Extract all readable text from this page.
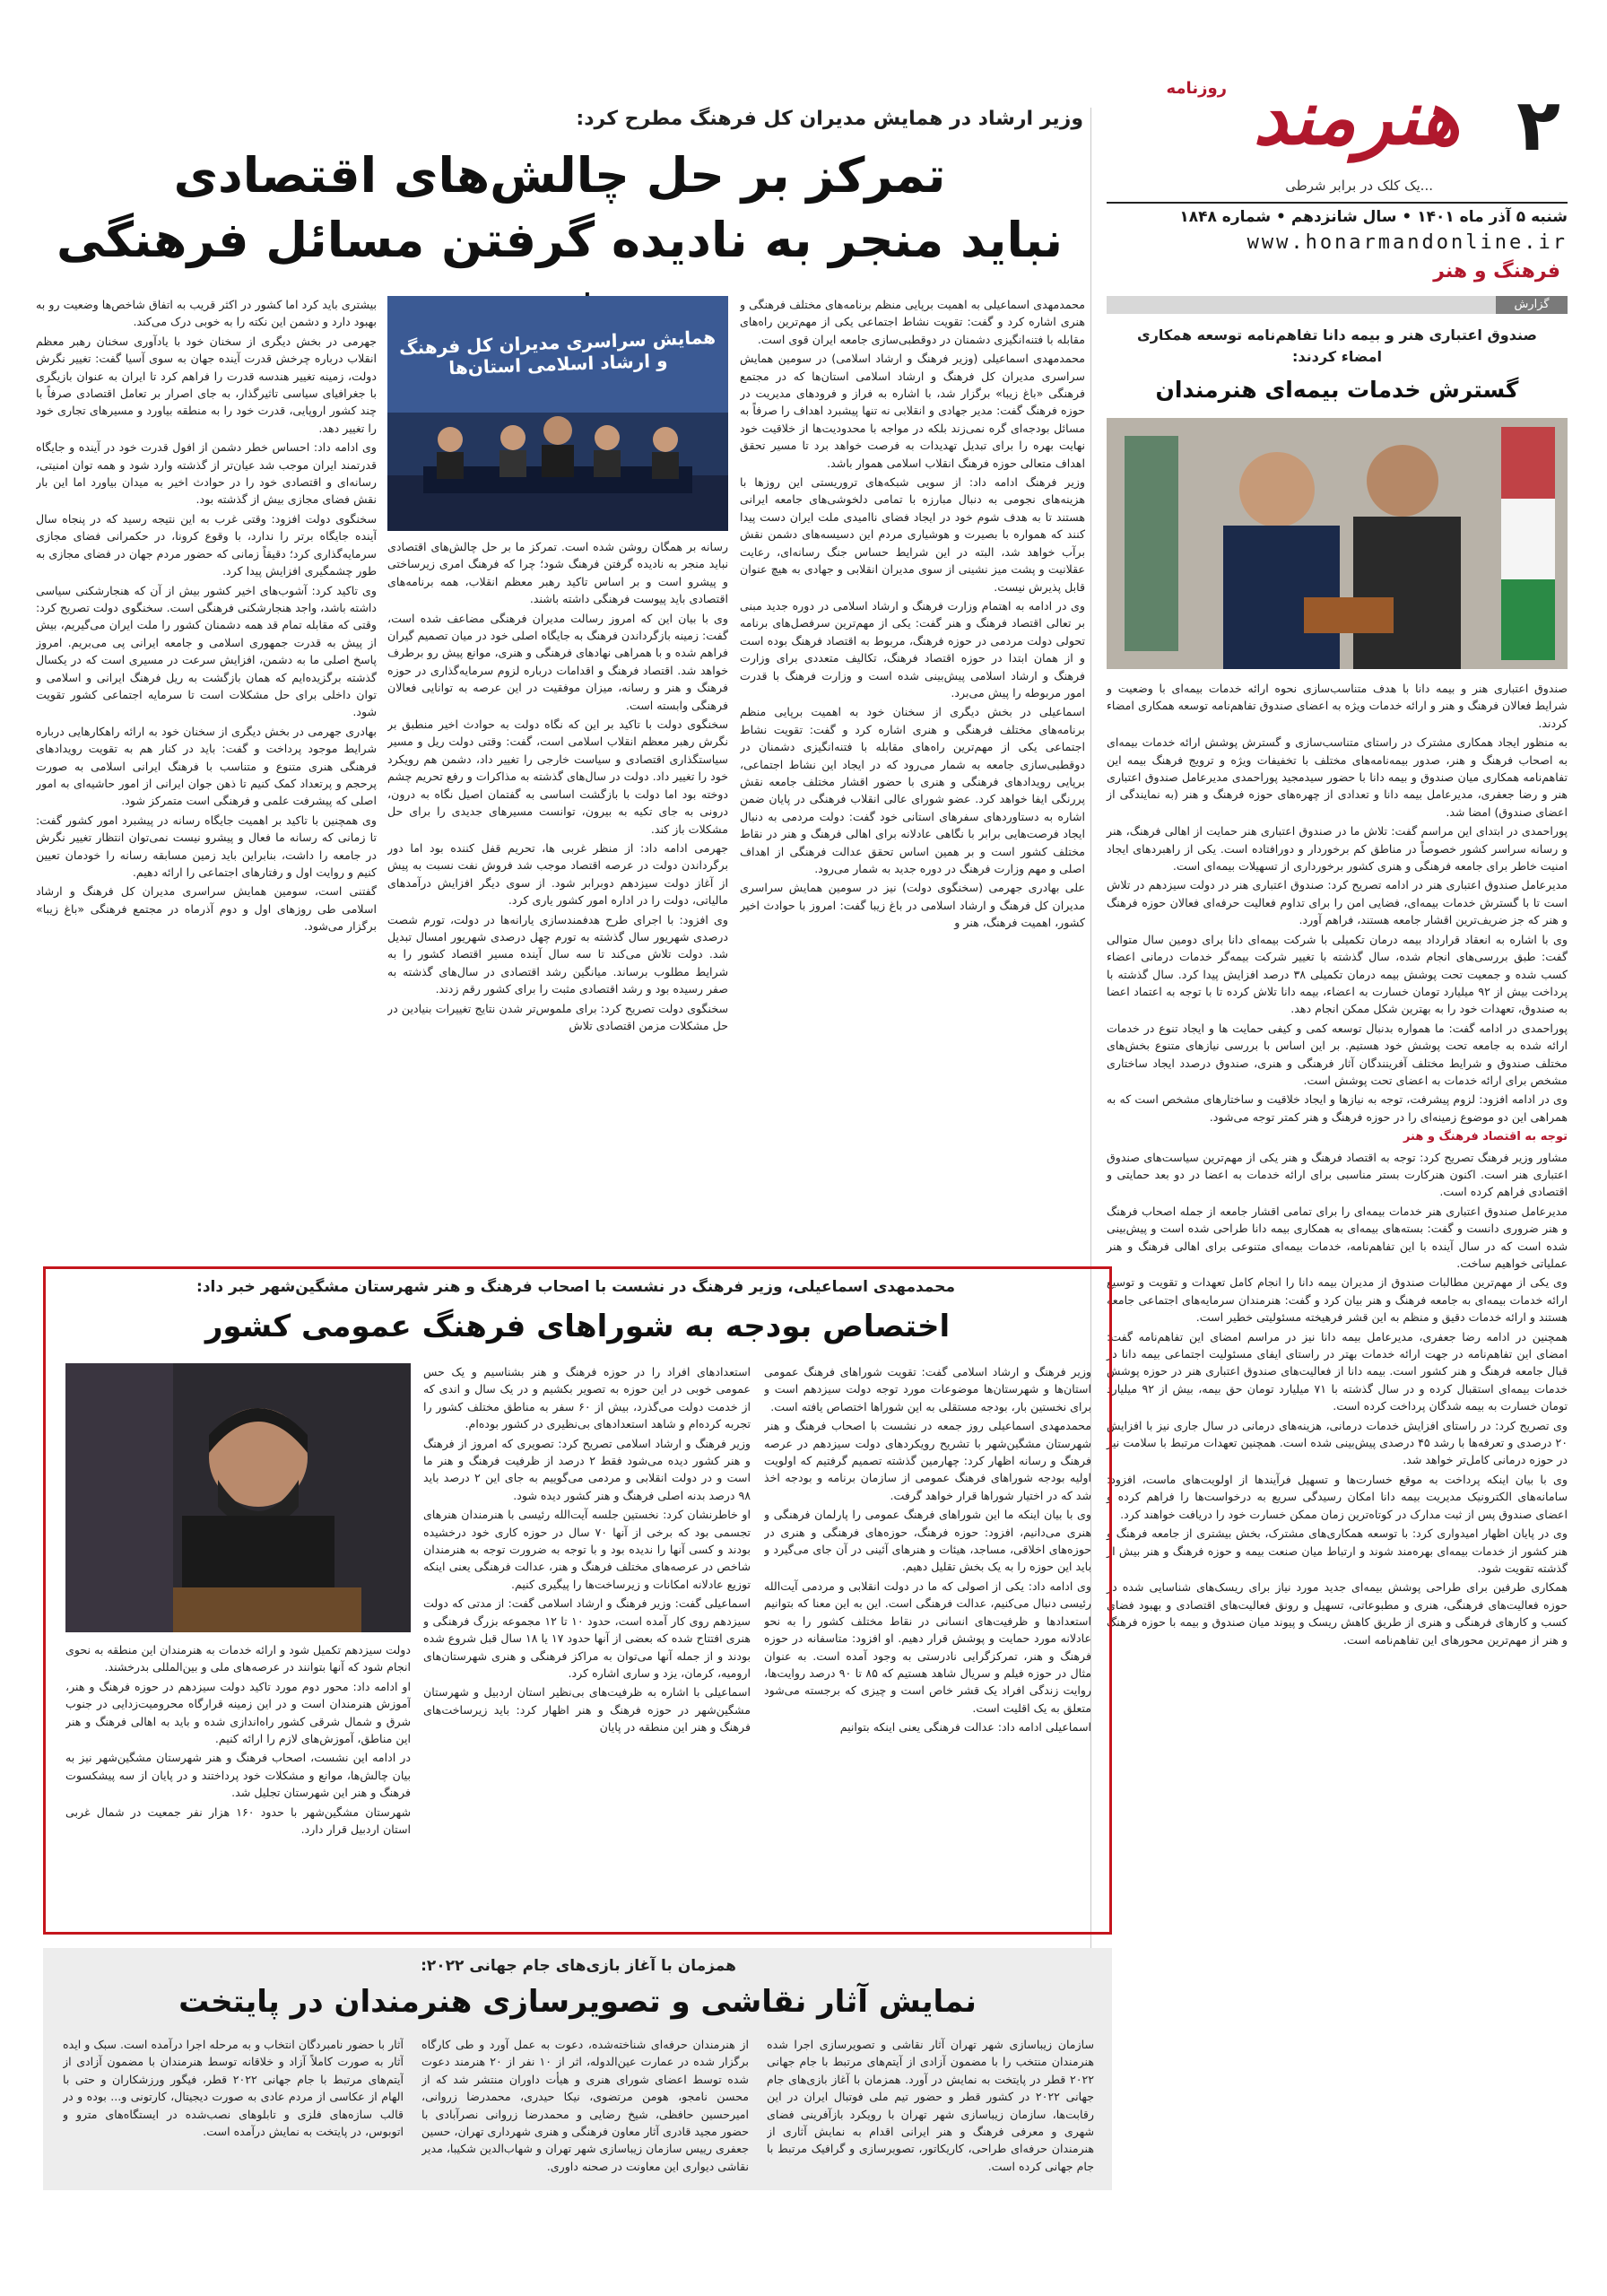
۲
روزنامه هنرمند
...یک کلک در برابر شرطی
شنبه ۵ آذر ماه ۱۴۰۱ • سال شانزدهم • شماره ۱۸۴۸
www.honarmandonline.ir
فرهنگ و هنر
گزارش
صندوق اعتباری هنر و بیمه دانا تفاهم‌نامه توسعه همکاری امضاء کردند:
گسترش خدمات بیمه‌ای هنرمندان

صندوق اعتباری هنر و بیمه دانا با هدف متناسب‌سازی نحوه ارائه خدمات بیمه‌ای با وضعیت و شرایط فعالان فرهنگ و هنر و ارائه خدمات ویژه به اعضای صندوق تفاهم‌نامه توسعه همکاری امضاء کردند.

به منظور ایجاد همکاری مشترک در راستای متناسب‌سازی و گسترش پوشش ارائه خدمات بیمه‌ای به اصحاب فرهنگ و هنر، صدور بیمه‌نامه‌های مختلف با تخفیفات ویژه و ترویج فرهنگ بیمه این تفاهم‌نامه همکاری میان صندوق و بیمه دانا با حضور سیدمجید پوراحمدی مدیرعامل صندوق اعتباری هنر و رضا جعفری، مدیرعامل بیمه دانا و تعدادی از چهره‌های حوزه فرهنگ و هنر (به نمایندگی از اعضای صندوق) امضا شد.

پوراحمدی در ابتدای این مراسم گفت: تلاش ما در صندوق اعتباری هنر حمایت از اهالی فرهنگ، هنر و رسانه سراسر کشور خصوصاً در مناطق کم برخوردار و دورافتاده است. یکی از راهبردهای ایجاد امنیت خاطر برای جامعه فرهنگی و هنری کشور برخورداری از تسهیلات بیمه‌ای است.

مدیرعامل صندوق اعتباری هنر در ادامه تصریح کرد: صندوق اعتباری هنر در دولت سیزدهم در تلاش است تا با گسترش خدمات بیمه‌ای، فضایی امن را برای تداوم فعالیت حرفه‌ای فعالان حوزه فرهنگ و هنر که جز ضریف‌ترین اقشار جامعه هستند، فراهم آورد.

وی با اشاره به انعقاد قرارداد بیمه درمان تکمیلی با شرکت بیمه‌ای دانا برای دومین سال متوالی گفت: طبق بررسی‌های انجام شده، سال گذشته با تغییر شرکت بیمه‌گر خدمات درمانی اعضاء کسب شده و جمعیت تحت پوشش بیمه درمان تکمیلی ۳۸ درصد افزایش پیدا کرد. سال گذشته با پرداخت بیش از ۹۲ میلیارد تومان خسارت به اعضاء، بیمه دانا تلاش کرده تا با توجه به اعتماد اعضا به صندوق، تعهدات خود را به بهترین شکل ممکن انجام دهد.

پوراحمدی در ادامه گفت: ما همواره بدنبال توسعه کمی و کیفی حمایت ها و ایجاد تنوع در خدمات ارائه شده به جامعه تحت پوشش خود هستیم. بر این اساس با بررسی نیازهای متنوع بخش‌های مختلف صندوق و شرایط مختلف آفرینندگان آثار فرهنگی و هنری، صندوق درصدد ایجاد ساختاری مشخص برای ارائه خدمات به اعضای تحت پوشش است.

وی در ادامه افزود: لزوم پیشرفت، توجه به نیاز‌ها و ایجاد خلاقیت و ساختارهای مشخص است که به همراهی این دو موضوع زمینه‌ای را در حوزه فرهنگ و هنر کمتر توجه می‌شود.

توجه به اقتصاد فرهنگ و هنر

مشاور وزیر فرهنگ تصریح کرد: توجه به اقتصاد فرهنگ و هنر یکی از مهم‌ترین سیاست‌های صندوق اعتباری هنر است. اکنون هنرکارت بستر مناسبی برای ارائه خدمات به اعضا در دو بعد حمایتی و اقتصادی فراهم کرده است.

مدیرعامل صندوق اعتباری هنر خدمات بیمه‌ای را برای تمامی اقشار جامعه از جمله اصحاب فرهنگ و هنر ضروری دانست و گفت: بسته‌های بیمه‌ای به همکاری بیمه دانا طراحی شده است و پیش‌بینی شده است که در سال آینده با این تفاهم‌نامه، خدمات بیمه‌ای متنوعی برای اهالی فرهنگ و هنر عملیاتی خواهیم ساخت.

وی یکی از مهم‌ترین مطالبات صندوق از مدیران بیمه دانا را انجام کامل تعهدات و تقویت و توسیع ارائه خدمات بیمه‌ای به جامعه فرهنگ و هنر بیان کرد و گفت: هنرمندان سرمایه‌های اجتماعی جامعه هستند و ارائه خدمات دقیق و منظم به این قشر فرهیخته مسئولیتی خطیر است.

همچنین در ادامه رضا جعفری، مدیرعامل بیمه دانا نیز در مراسم امضای این تفاهم‌نامه گفت: امضای این تفاهم‌نامه در جهت ارائه خدمات بهتر در راستای ایفای مسئولیت اجتماعی بیمه دانا در قبال جامعه فرهنگ و هنر کشور است. بیمه دانا از فعالیت‌های صندوق اعتباری هنر در حوزه پوشش خدمات بیمه‌ای استقبال کرده و در سال گذشته با ۷۱ میلیارد تومان حق بیمه، بیش از ۹۲ میلیارد تومان خسارت به بیمه شدگان پرداخت کرده است.

وی تصریح کرد: در راستای افزایش خدمات درمانی، هزینه‌های درمانی در سال جاری نیز با افزایش ۲۰ درصدی و تعرفه‌ها با رشد ۴۵ درصدی پیش‌بینی شده است. همچنین تعهدات مرتبط با سلامت نیز در حوزه درمانی کامل‌تر خواهد شد.

وی با بیان اینکه پرداخت به موقع خسارت‌ها و تسهیل فرآیندها از اولویت‌های ماست، افزود: سامانه‌های الکترونیک مدیریت بیمه دانا امکان رسیدگی سریع به درخواست‌ها را فراهم کرده و اعضای صندوق پس از ثبت مدارک در کوتاه‌ترین زمان ممکن خسارت خود را دریافت خواهند کرد.

وی در پایان اظهار امیدواری کرد: با توسعه همکاری‌های مشترک، بخش بیشتری از جامعه فرهنگ و هنر کشور از خدمات بیمه‌ای بهره‌مند شوند و ارتباط میان صنعت بیمه و حوزه فرهنگ و هنر بیش از گذشته تقویت شود.

همکاری طرفین برای طراحی پوشش بیمه‌ای جدید مورد نیاز برای ریسک‌های شناسایی شده در حوزه فعالیت‌های فرهنگی، هنری و مطبوعاتی، تسهیل و رونق فعالیت‌های اقتصادی و بهبود فضای کسب و کار‌های فرهنگی و هنری از طریق کاهش ریسک و پیوند میان صندوق و بیمه با حوزه فرهنگ و هنر از مهم‌ترین محورهای این تفاهم‌نامه است.

وزیر ارشاد در همایش مدیران کل فرهنگ مطرح کرد:
تمرکز بر حل چالش‌های اقتصادی
نباید منجر به نادیده گرفتن مسائل فرهنگی

محمدمهدی اسماعیلی به اهمیت برپایی منظم برنامه‌های مختلف فرهنگی و هنری اشاره کرد و گفت: تقویت نشاط اجتماعی یکی از مهم‌ترین راه‌های مقابله با فتنه‌انگیزی دشمنان در دوقطبی‌سازی جامعه ایران قوی است.

محمدمهدی اسماعیلی (وزیر فرهنگ و ارشاد اسلامی) در سومین همایش سراسری مدیران کل فرهنگ و ارشاد اسلامی استان‌ها که در مجتمع فرهنگی «باغ زیبا» برگزار شد، با اشاره به فراز و فرودهای مدیریت در حوزه فرهنگ گفت: مدیر جهادی و انقلابی نه تنها پیشبرد اهداف را صرفاً به مسائل بودجه‌ای گره نمی‌زند بلکه در مواجه با محدودیت‌ها از خلاقیت خود نهایت بهره را برای تبدیل تهدیدات به فرصت خواهد برد تا مسیر تحقق اهداف متعالی حوزه فرهنگ انقلاب اسلامی هموار باشد.

وزیر فرهنگ ادامه داد: از سویی شبکه‌های تروریستی این روزها با هزینه‌های نجومی به دنبال مبارزه با تمامی دلخوشی‌های جامعه ایرانی هستند تا به هدف شوم خود در ایجاد فضای ناامیدی ملت ایران دست پیدا کنند که همواره با بصیرت و هوشیاری مردم این دسیسه‌های دشمن نقش برآب خواهد شد، البته در این شرایط حساس جنگ رسانه‌ای، رعایت عقلانیت و پشت میز نشینی از سوی مدیران انقلابی و جهادی به هیچ عنوان قابل پذیرش نیست.

وی در ادامه به اهتمام وزارت فرهنگ و ارشاد اسلامی در دوره جدید مبنی بر تعالی اقتصاد فرهنگ و هنر گفت: یکی از مهم‌ترین سرفصل‌های برنامه تحولی دولت مردمی در حوزه فرهنگ، مربوط به اقتصاد فرهنگ بوده است و از همان ابتدا در حوزه اقتصاد فرهنگ، تکالیف متعددی برای وزارت فرهنگ و ارشاد اسلامی پیش‌بینی شده است و وزارت فرهنگ با قدرت امور مربوطه را پیش می‌برد.

اسماعیلی در بخش دیگری از سخنان خود به اهمیت برپایی منظم برنامه‌های مختلف فرهنگی و هنری اشاره کرد و گفت: تقویت نشاط اجتماعی یکی از مهم‌ترین راه‌های مقابله با فتنه‌انگیزی دشمنان در دوقطبی‌سازی جامعه به شمار می‌رود که در ایجاد این نشاط اجتماعی، برپایی رویدادهای فرهنگی و هنری با حضور اقشار مختلف جامعه نقش پررنگی ایفا خواهد کرد. عضو شورای عالی انقلاب فرهنگی در پایان ضمن اشاره به دستاوردهای سفرهای استانی خود گفت: دولت مردمی به دنبال ایجاد فرصت‌هایی برابر با نگاهی عادلانه برای اهالی فرهنگ و هنر در نقاط مختلف کشور است و بر همین اساس تحقق عدالت فرهنگی از اهداف اصلی و مهم وزارت فرهنگ در دوره جدید به شمار می‌رود.

علی بهادری جهرمی (سخنگوی دولت) نیز در سومین همایش سراسری مدیران کل فرهنگ و ارشاد اسلامی در باغ زیبا گفت: امروز با حوادث اخیر کشور، اهمیت فرهنگ، هنر و

همایش سراسری مدیران کل فرهنگ و ارشاد اسلامی استان‌ها

رسانه بر همگان روشن شده است. تمرکز ما بر حل چالش‌های اقتصادی نباید منجر به نادیده گرفتن فرهنگ شود؛ چرا که فرهنگ امری زیرساختی و پیشرو است و بر اساس تاکید رهبر معظم انقلاب، همه برنامه‌های اقتصادی باید پیوست فرهنگی داشته باشند.

وی با بیان این که امروز رسالت مدیران فرهنگی مضاعف شده است، گفت: زمینه بازگرداندن فرهنگ به جایگاه اصلی خود در میان تصمیم گیران فراهم شده و با همراهی نهادهای فرهنگی و هنری، موانع پیش رو برطرف خواهد شد. اقتصاد فرهنگ و اقدامات درباره لزوم سرمایه‌گذاری در حوزه فرهنگ و هنر و رسانه، میزان موفقیت در این عرصه به توانایی فعالان فرهنگی وابسته است.

سخنگوی دولت با تاکید بر این که نگاه دولت به حوادث اخیر منطبق بر نگرش رهبر معظم انقلاب اسلامی است، گفت: وقتی دولت ریل و مسیر سیاستگذاری اقتصادی و سیاست خارجی را تغییر داد، دشمن هم رویکرد خود را تغییر داد. دولت در سال‌های گذشته به مذاکرات و رفع تحریم چشم دوخته بود اما دولت با بازگشت اساسی به گفتمان اصیل نگاه به درون، درونی به جای تکیه به بیرون، توانست مسیرهای جدیدی را برای حل مشکلات باز کند.

جهرمی ادامه داد: از منظر غربی ها، تحریم قفل کننده بود اما دور برگرداندن دولت در عرصه اقتصاد موجب شد فروش نفت نسبت به پیش از آغاز دولت سیزدهم دوبرابر شود. از سوی دیگر افزایش درآمدهای مالیاتی، دولت را در اداره امور کشور یاری کرد.

وی افزود: با اجرای طرح هدفمندسازی یارانه‌ها در دولت، تورم شصت درصدی شهریور سال گذشته به تورم چهل درصدی شهریور امسال تبدیل شد. دولت تلاش می‌کند تا سه سال آینده مسیر اقتصاد کشور را به شرایط مطلوب برساند. میانگین رشد اقتصادی در سال‌های گذشته به صفر رسیده بود و رشد اقتصادی مثبت را برای کشور رقم زدند.

سخنگوی دولت تصریح کرد: برای ملموس‌تر شدن نتایج تغییرات بنیادین در حل مشکلات مزمن اقتصادی تلاش

بیشتری باید کرد اما کشور در اکثر قریب به اتفاق شاخص‌ها وضعیت رو به بهبود دارد و دشمن این نکته را به خوبی درک می‌کند.

جهرمی در بخش دیگری از سخنان خود با یادآوری سخنان رهبر معظم انقلاب درباره چرخش قدرت آینده جهان به سوی آسیا گفت: تغییر نگرش دولت، زمینه تغییر هندسه قدرت را فراهم کرد تا ایران به عنوان بازیگری با جغرافیای سیاسی تاثیرگذار، به جای اصرار بر تعامل اقتصادی صرفاً با چند کشور اروپایی، قدرت خود را به منطقه بیاورد و مسیرهای تجاری خود را تغییر دهد.

وی ادامه داد: احساس خطر دشمن از افول قدرت خود در آینده و جایگاه قدرتمند ایران موجب شد عیان‌تر از گذشته وارد شود و همه توان امنیتی، رسانه‌ای و اقتصادی خود را در حوادث اخیر به میدان بیاورد اما این بار نقش فضای مجازی بیش از گذشته بود.

سخنگوی دولت افزود: وقتی غرب به این نتیجه رسید که در پنجاه سال آینده جایگاه برتر را ندارد، با وقوع کرونا، در حکمرانی فضای مجازی سرمایه‌گذاری کرد؛ دقیقاً زمانی که حضور مردم جهان در فضای مجازی به طور چشمگیری افزایش پیدا کرد.

وی تاکید کرد: آشوب‌های اخیر کشور بیش از آن که هنجارشکنی سیاسی داشته باشد، واجد هنجارشکنی فرهنگی است. سخنگوی دولت تصریح کرد: وقتی که مقابله تمام قد همه دشمنان کشور را ملت ایران می‌گیریم، بیش از پیش به قدرت جمهوری اسلامی و جامعه ایرانی پی می‌بریم. امروز پاسخ اصلی ما به دشمن، افزایش سرعت در مسیری است که در یکسال گذشته برگزیده‌ایم که همان بازگشت به ریل فرهنگ ایرانی و اسلامی و توان داخلی برای حل مشکلات است تا سرمایه اجتماعی کشور تقویت شود.

بهادری جهرمی در بخش دیگری از سخنان خود به ارائه راهکارهایی درباره شرایط موجود پرداخت و گفت: باید در کنار هم به تقویت رویدادهای فرهنگی هنری متنوع و متناسب با فرهنگ ایرانی اسلامی به صورت پرحجم و پرتعداد کمک کنیم تا ذهن جوان ایرانی از امور حاشیه‌ای به امور اصلی که پیشرفت علمی و فرهنگی است متمرکز شود.

وی همچنین با تاکید بر اهمیت جایگاه رسانه در پیشبرد امور کشور گفت: تا زمانی که رسانه ما فعال و پیشرو نیست نمی‌توان انتظار تغییر نگرش در جامعه را داشت، بنابراین باید زمین مسابقه رسانه را خودمان تعیین کنیم و روایت اول و رفتارهای اجتماعی را ارائه دهیم.

گفتنی است، سومین همایش سراسری مدیران کل فرهنگ و ارشاد اسلامی طی روزهای اول و دوم آذرماه در مجتمع فرهنگی «باغ زیبا» برگزار می‌شود.

محمدمهدی اسماعیلی، وزیر فرهنگ در نشست با اصحاب فرهنگ و هنر شهرستان مشگین‌شهر خبر داد:
اختصاص بودجه به شوراهای فرهنگ عمومی کشور

وزیر فرهنگ و ارشاد اسلامی گفت: تقویت شوراهای فرهنگ عمومی استان‌ها و شهرستان‌ها موضوعات مورد توجه دولت سیزدهم است و برای نخستین بار، بودجه مستقلی به این شوراها اختصاص یافته است.

محمدمهدی اسماعیلی روز جمعه در نشست با اصحاب فرهنگ و هنر شهرستان مشگین‌شهر با تشریح رویکردهای دولت سیزدهم در عرصه فرهنگ و رسانه اظهار کرد: چهارمین گذشته تصمیم گرفتیم که اولویت اولیه بودجه شوراهای فرهنگ عمومی از سازمان برنامه و بودجه اخذ شد که در اختیار شوراها قرار خواهد گرفت.

وی با بیان اینکه ما این شوراهای فرهنگ عمومی را پارلمان فرهنگی و هنری می‌دانیم، افزود: حوزه فرهنگ، حوزه‌های فرهنگی و هنری در حوزه‌های اخلاقی، مساجد، هیئات و هنرهای آئینی در آن جای می‌گیرد و باید این حوزه را به یک بخش تقلیل دهیم.

وی ادامه داد: یکی از اصولی که ما در دولت انقلابی و مردمی آیت‌الله رئیسی دنبال می‌کنیم، عدالت فرهنگی است. این به این معنا که بتوانیم استعدادها و ظرفیت‌های انسانی در نقاط مختلف کشور را به نحو عادلانه مورد حمایت و پوشش قرار دهیم. او افزود: متاسفانه در حوزه فرهنگ و هنر، تمرکزگرایی نادرستی به وجود آمده است. به عنوان مثال در حوزه فیلم و سریال شاهد هستیم که ۸۵ تا ۹۰ درصد روایت‌ها، روایت زندگی افراد یک قشر خاص است و چیزی که برجسته می‌شود متعلق به یک اقلیت است.

اسماعیلی ادامه داد: عدالت فرهنگی یعنی اینکه بتوانیم

استعدادهای افراد را در حوزه فرهنگ و هنر بشناسیم و یک حس عمومی خوبی در این حوزه به تصویر بکشیم و در یک سال و اندی که از خدمت دولت می‌گذرد، بیش از ۶۰ سفر به مناطق مختلف کشور را تجربه کرده‌ام و شاهد استعدادهای بی‌نظیری در کشور بوده‌ام.

وزیر فرهنگ و ارشاد اسلامی تصریح کرد: تصویری که امروز از فرهنگ و هنر کشور دیده می‌شود فقط ۲ درصد از ظرفیت فرهنگ و هنر ما است و در دولت انقلابی و مردمی می‌گوییم به جای این ۲ درصد باید ۹۸ درصد بدنه اصلی فرهنگ و هنر کشور دیده شود.

او خاطرنشان کرد: نخستین جلسه آیت‌الله رئیسی با هنرمندان هنرهای تجسمی بود که برخی از آنها ۷۰ سال در حوزه کاری خود درخشیده بودند و کسی آنها را ندیده بود و با توجه به ضرورت توجه به هنرمندان شاخص در عرصه‌های مختلف فرهنگ و هنر، عدالت فرهنگی یعنی اینکه توزیع عادلانه امکانات و زیرساخت‌ها را پیگیری کنیم.

اسماعیلی گفت: وزیر فرهنگ و ارشاد اسلامی گفت: از مدتی که دولت سیزدهم روی کار آمده است، حدود ۱۰ تا ۱۲ مجموعه بزرگ فرهنگی و هنری افتتاح شده که بعضی از آنها حدود ۱۷ یا ۱۸ سال قبل شروع شده بودند و از جمله آنها می‌توان به مراکز فرهنگی و هنری شهرستان‌های ارومیه، کرمان، یزد و ساری اشاره کرد.

اسماعیلی با اشاره به ظرفیت‌های بی‌نظیر استان اردبیل و شهرستان مشگین‌شهر در حوزه فرهنگ و هنر اظهار کرد: باید زیرساخت‌های فرهنگ و هنر این منطقه در پایان

دولت سیزدهم تکمیل شود و ارائه خدمات به هنرمندان این منطقه به نحوی انجام شود که آنها بتوانند در عرصه‌های ملی و بین‌المللی بدرخشند.

او ادامه داد: محور دوم مورد تاکید دولت سیزدهم در حوزه فرهنگ و هنر، آموزش هنرمندان است و در این زمینه قرارگاه محرومیت‌زدایی در جنوب شرق و شمال شرقی کشور راه‌اندازی شده و باید به اهالی فرهنگ و هنر این مناطق، آموزش‌های لازم را ارائه کنیم.

در ادامه این نشست، اصحاب فرهنگ و هنر شهرستان مشگین‌شهر نیز به بیان چالش‌ها، موانع و مشکلات خود پرداختند و در پایان از سه پیشکسوت فرهنگ و هنر این شهرستان تجلیل شد.

شهرستان مشگین‌شهر با حدود ۱۶۰ هزار نفر جمعیت در شمال غربی استان اردبیل قرار دارد.

همزمان با آغاز بازی‌های جام جهانی ۲۰۲۲:
نمایش آثار نقاشی و تصویرسازی هنرمندان در پایتخت
سازمان زیباسازی شهر تهران آثار نقاشی و تصویرسازی اجرا شده هنرمندان منتخب را با مضمون آزادی از آیتم‌های مرتبط با جام جهانی ۲۰۲۲ قطر در پایتخت به نمایش در آورد. همزمان با آغاز بازی‌های جام جهانی ۲۰۲۲ در کشور قطر و حضور تیم ملی فوتبال ایران در این رقابت‌ها، سازمان زیباسازی شهر تهران با رویکرد بازآفرینی فضای شهری و معرفی فرهنگ و هنر ایرانی اقدام به نمایش آثاری از هنرمندان حرفه‌ای طراحی، کاریکاتور، تصویرسازی و گرافیک مرتبط با جام جهانی کرده است.
از هنرمندان حرفه‌ای شناخته‌شده، دعوت به عمل آورد و طی کارگاه برگزار شده در عمارت عین‌الدوله، اثر از ۱۰ نفر از ۲۰ هنرمند دعوت شده توسط اعضای شورای هنری و هیأت داوران منتشر شد که از محسن نامجو، هومن مرتضوی، نیکا حیدری، محمدرضا زروانی، امیرحسین حافظی، شیخ رضایی و محمدرضا زروانی نصرآبادی با حضور مجید قادری آثار معاون فرهنگی و هنری شهرداری تهران، حسین جعفری رییس سازمان زیباسازی شهر تهران و شهاب‌الدین شکیبا، مدیر نقاشی دیواری این معاونت در صحنه داوری.
آثار با حضور نامبردگان انتخاب و به مرحله اجرا درآمده است. سبک و ایده آثار به صورت کاملاً آزاد و خلاقانه توسط هنرمندان با مضمون آزادی از آیتم‌های مرتبط با جام جهانی ۲۰۲۲ قطر، فیگور ورزشکاران و حتی با الهام از عکاسی از مردم عادی به صورت دیجیتال، کارتونی و... بوده و در قالب سازه‌های فلزی و تابلوهای نصب‌شده در ایستگاه‌های مترو و اتوبوس، در پایتخت به نمایش درآمده است.
